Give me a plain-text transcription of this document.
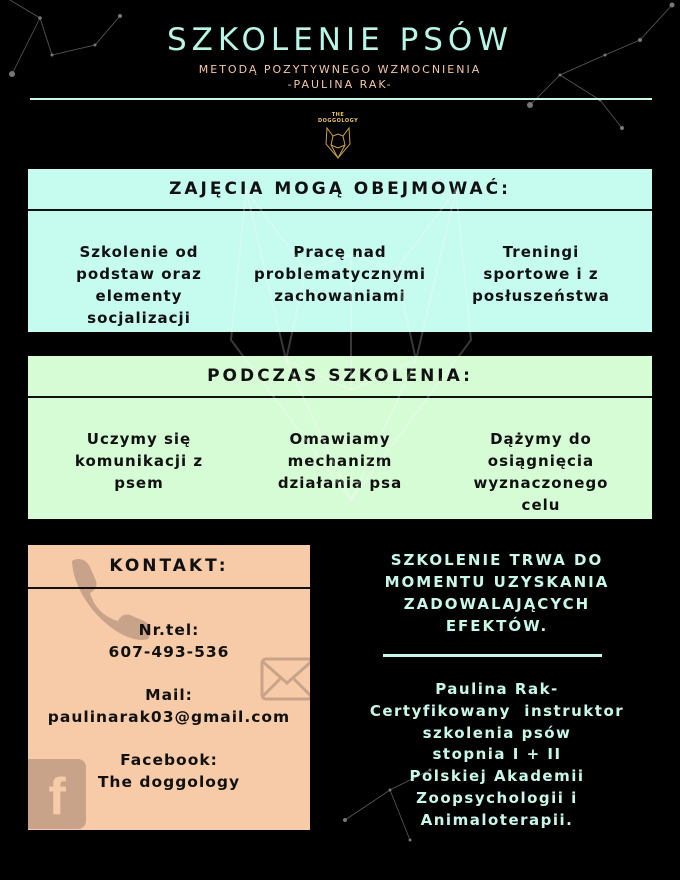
SZKOLENIE PSÓW
METODĄ POZYTYWNEGO WZMOCNIENIA
-PAULINA RAK-
THE
DOGGOLOGY
ZAJĘCIA MOGĄ OBEJMOWAĆ:
Szkolenie od
podstaw oraz
elementy
socjalizacji
Pracę nad
problematycznymi
zachowaniami
Treningi
sportowe i z
posłuszeństwa
PODCZAS SZKOLENIA:
Uczymy się
komunikacji z
psem
Omawiamy
mechanizm
działania psa
Dążymy do
osiągnięcia
wyznaczonego
celu
f
KONTAKT:
Nr.tel:
607-493-536
Mail:
paulinarak03@gmail.com
Facebook:
The doggology
SZKOLENIE TRWA DO
MOMENTU UZYSKANIA
ZADOWALAJĄCYCH
EFEKTÓW.
Paulina Rak-
Certyfikowany  instruktor
szkolenia psów
stopnia I + II
Polskiej Akademii
Zoopsychologii i
Animaloterapii.
